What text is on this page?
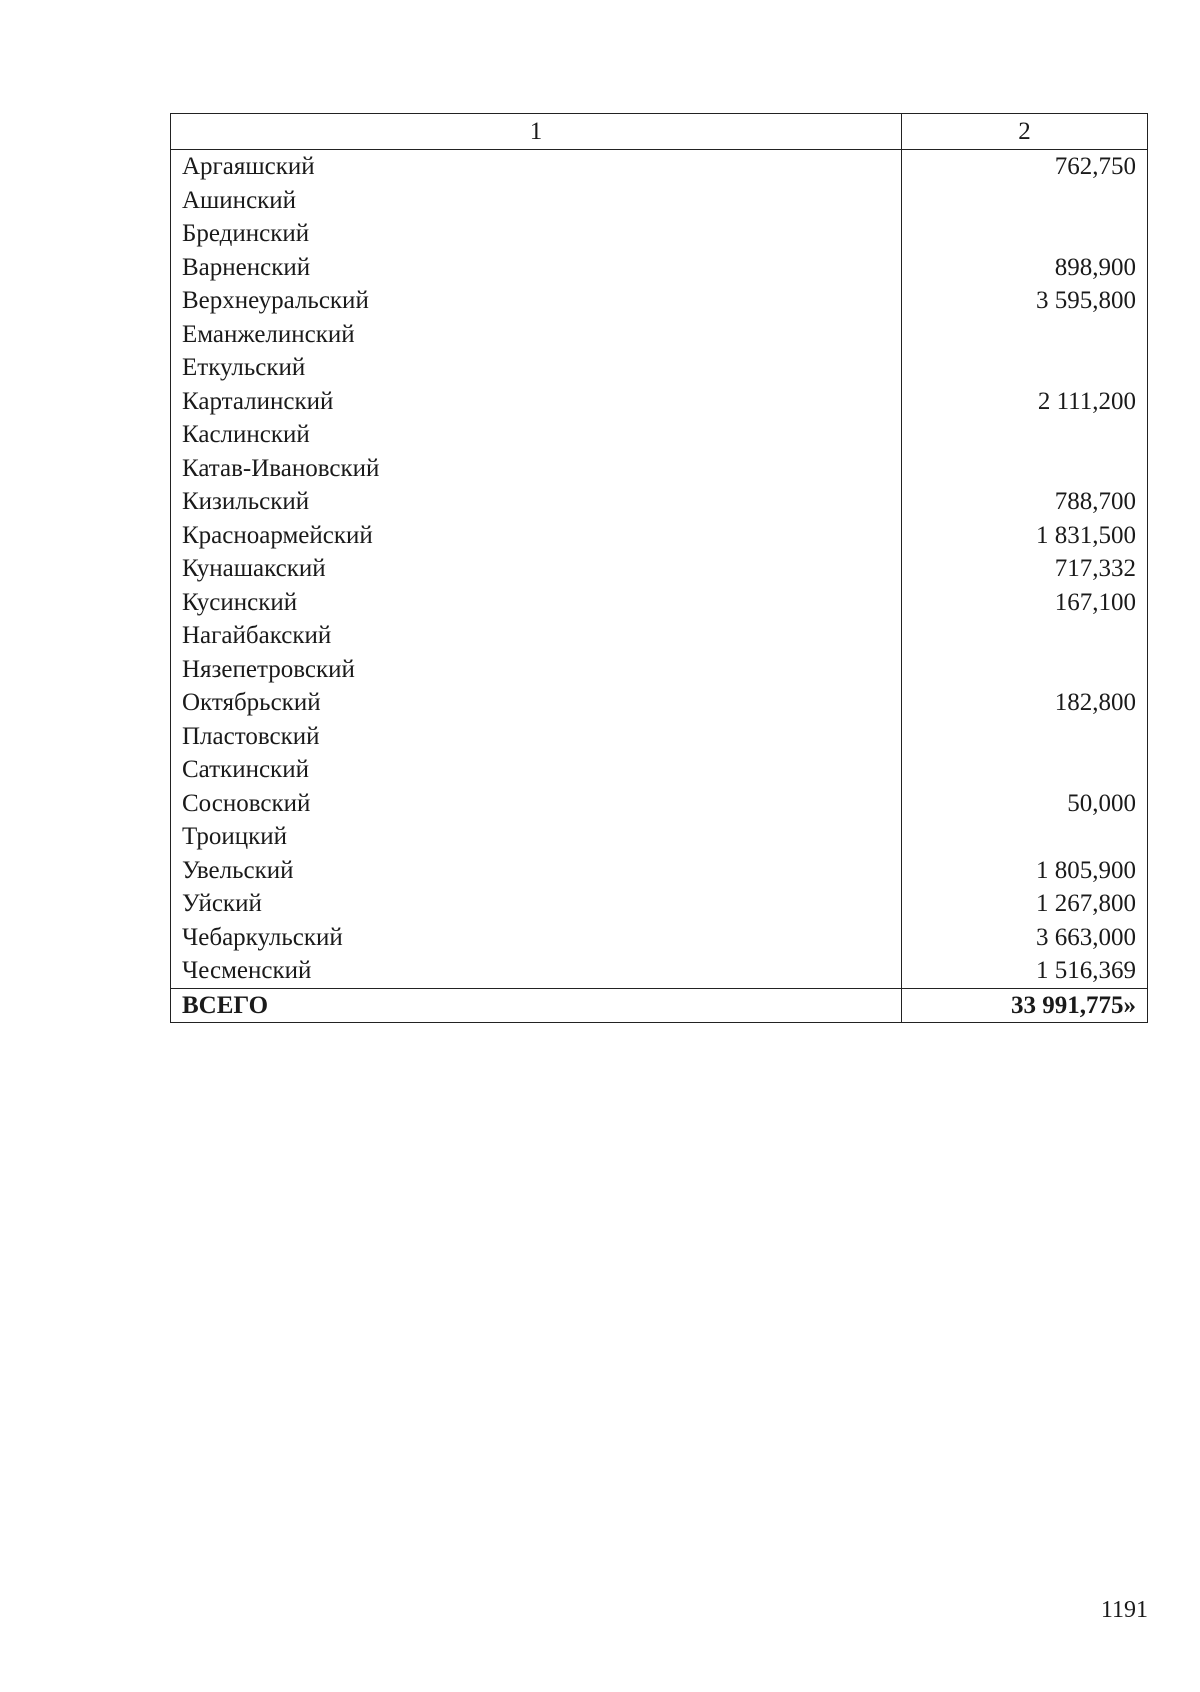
1	2
Аргаяшский	762,750
Ашинский	
Брединский	
Варненский	898,900
Верхнеуральский	3 595,800
Еманжелинский	
Еткульский	
Карталинский	2 111,200
Каслинский	
Катав-Ивановский	
Кизильский	788,700
Красноармейский	1 831,500
Кунашакский	717,332
Кусинский	167,100
Нагайбакский	
Нязепетровский	
Октябрьский	182,800
Пластовский	
Саткинский	
Сосновский	50,000
Троицкий	
Увельский	1 805,900
Уйский	1 267,800
Чебаркульский	3 663,000
Чесменский	1 516,369
ВСЕГО	33 991,775»
1191
